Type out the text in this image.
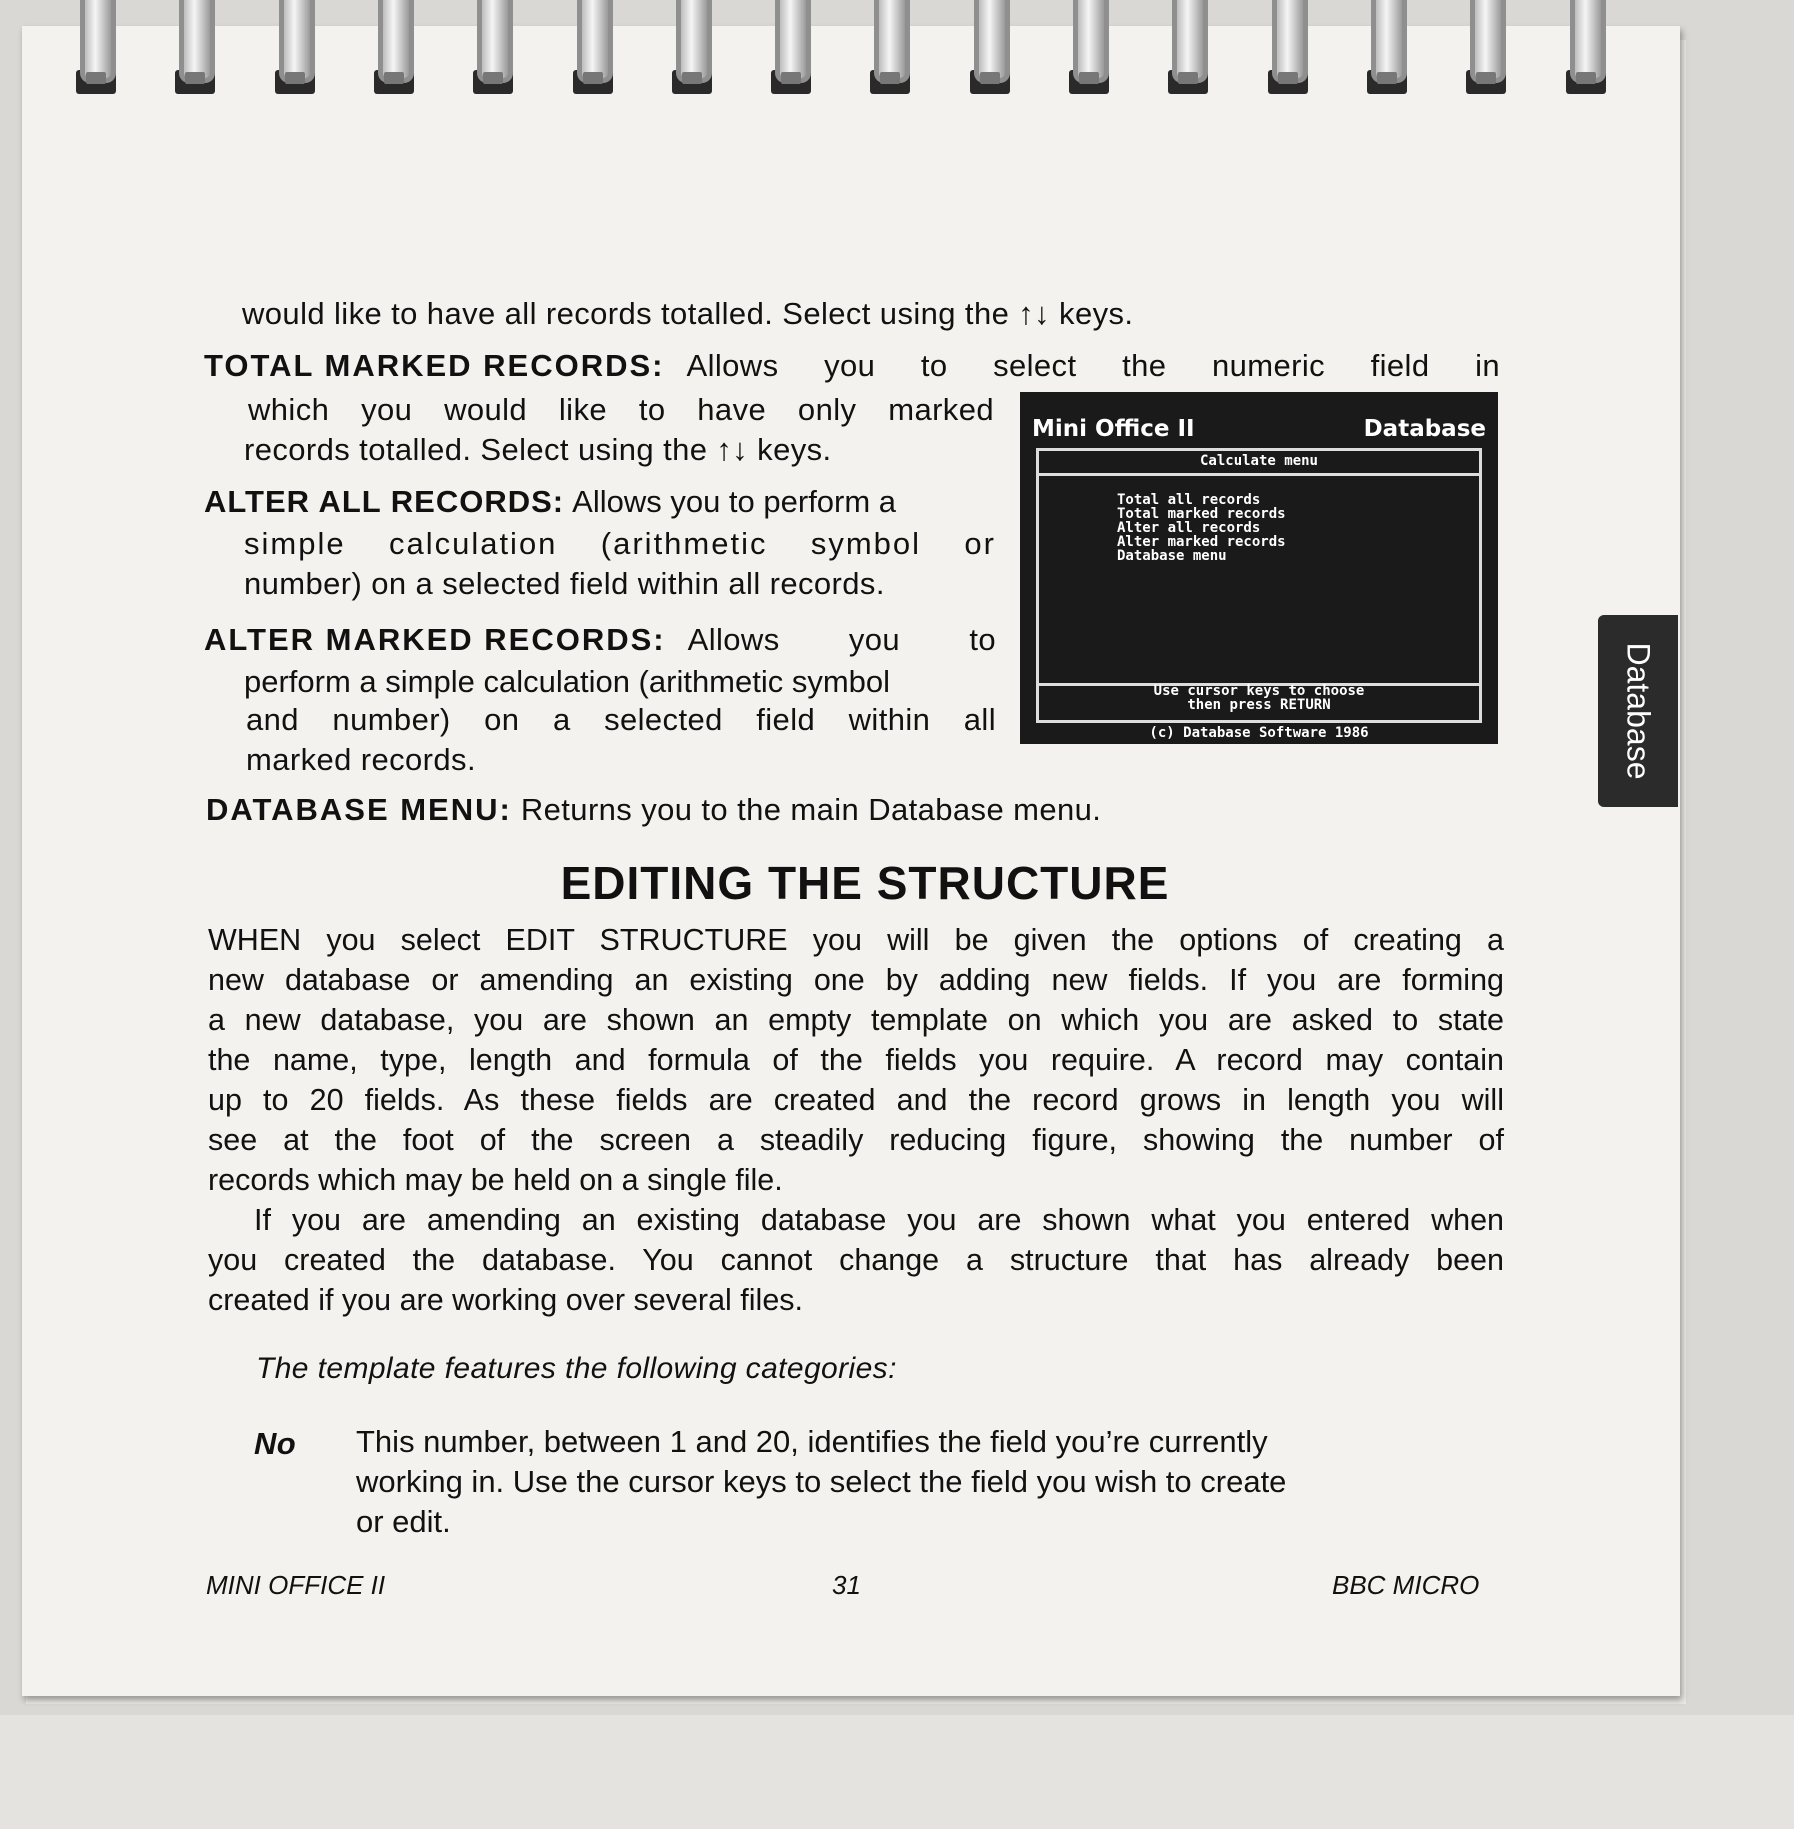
would like to have all records totalled. Select using the ↑↓ keys.
TOTAL MARKED RECORDS: Allows you to select the numeric field in
which you would like to have only marked
records totalled. Select using the ↑↓ keys.
ALTER ALL RECORDS: Allows you to perform a
simple calculation (arithmetic symbol or
number) on a selected field within all records.
ALTER MARKED RECORDS: Allows you to
perform a simple calculation (arithmetic symbol
and number) on a selected field within all
marked records.
DATABASE MENU: Returns you to the main Database menu.
Mini Office II	Database
Calculate menu
Total all records
Total marked records
Alter all records
Alter marked records
Database menu
Use cursor keys to choose
then press RETURN
(c) Database Software 1986	Database
EDITING THE STRUCTURE
WHEN you select EDIT STRUCTURE you will be given the options of creating a
new database or amending an existing one by adding new fields. If you are forming
a new database, you are shown an empty template on which you are asked to state
the name, type, length and formula of the fields you require. A record may contain
up to 20 fields. As these fields are created and the record grows in length you will
see at the foot of the screen a steadily reducing figure, showing the number of
records which may be held on a single file.
If you are amending an existing database you are shown what you entered when
you created the database. You cannot change a structure that has already been
created if you are working over several files.
The template features the following categories:
No This number, between 1 and 20, identifies the field you’re currently
working in. Use the cursor keys to select the field you wish to create
or edit.
MINI OFFICE II	31	BBC MICRO
